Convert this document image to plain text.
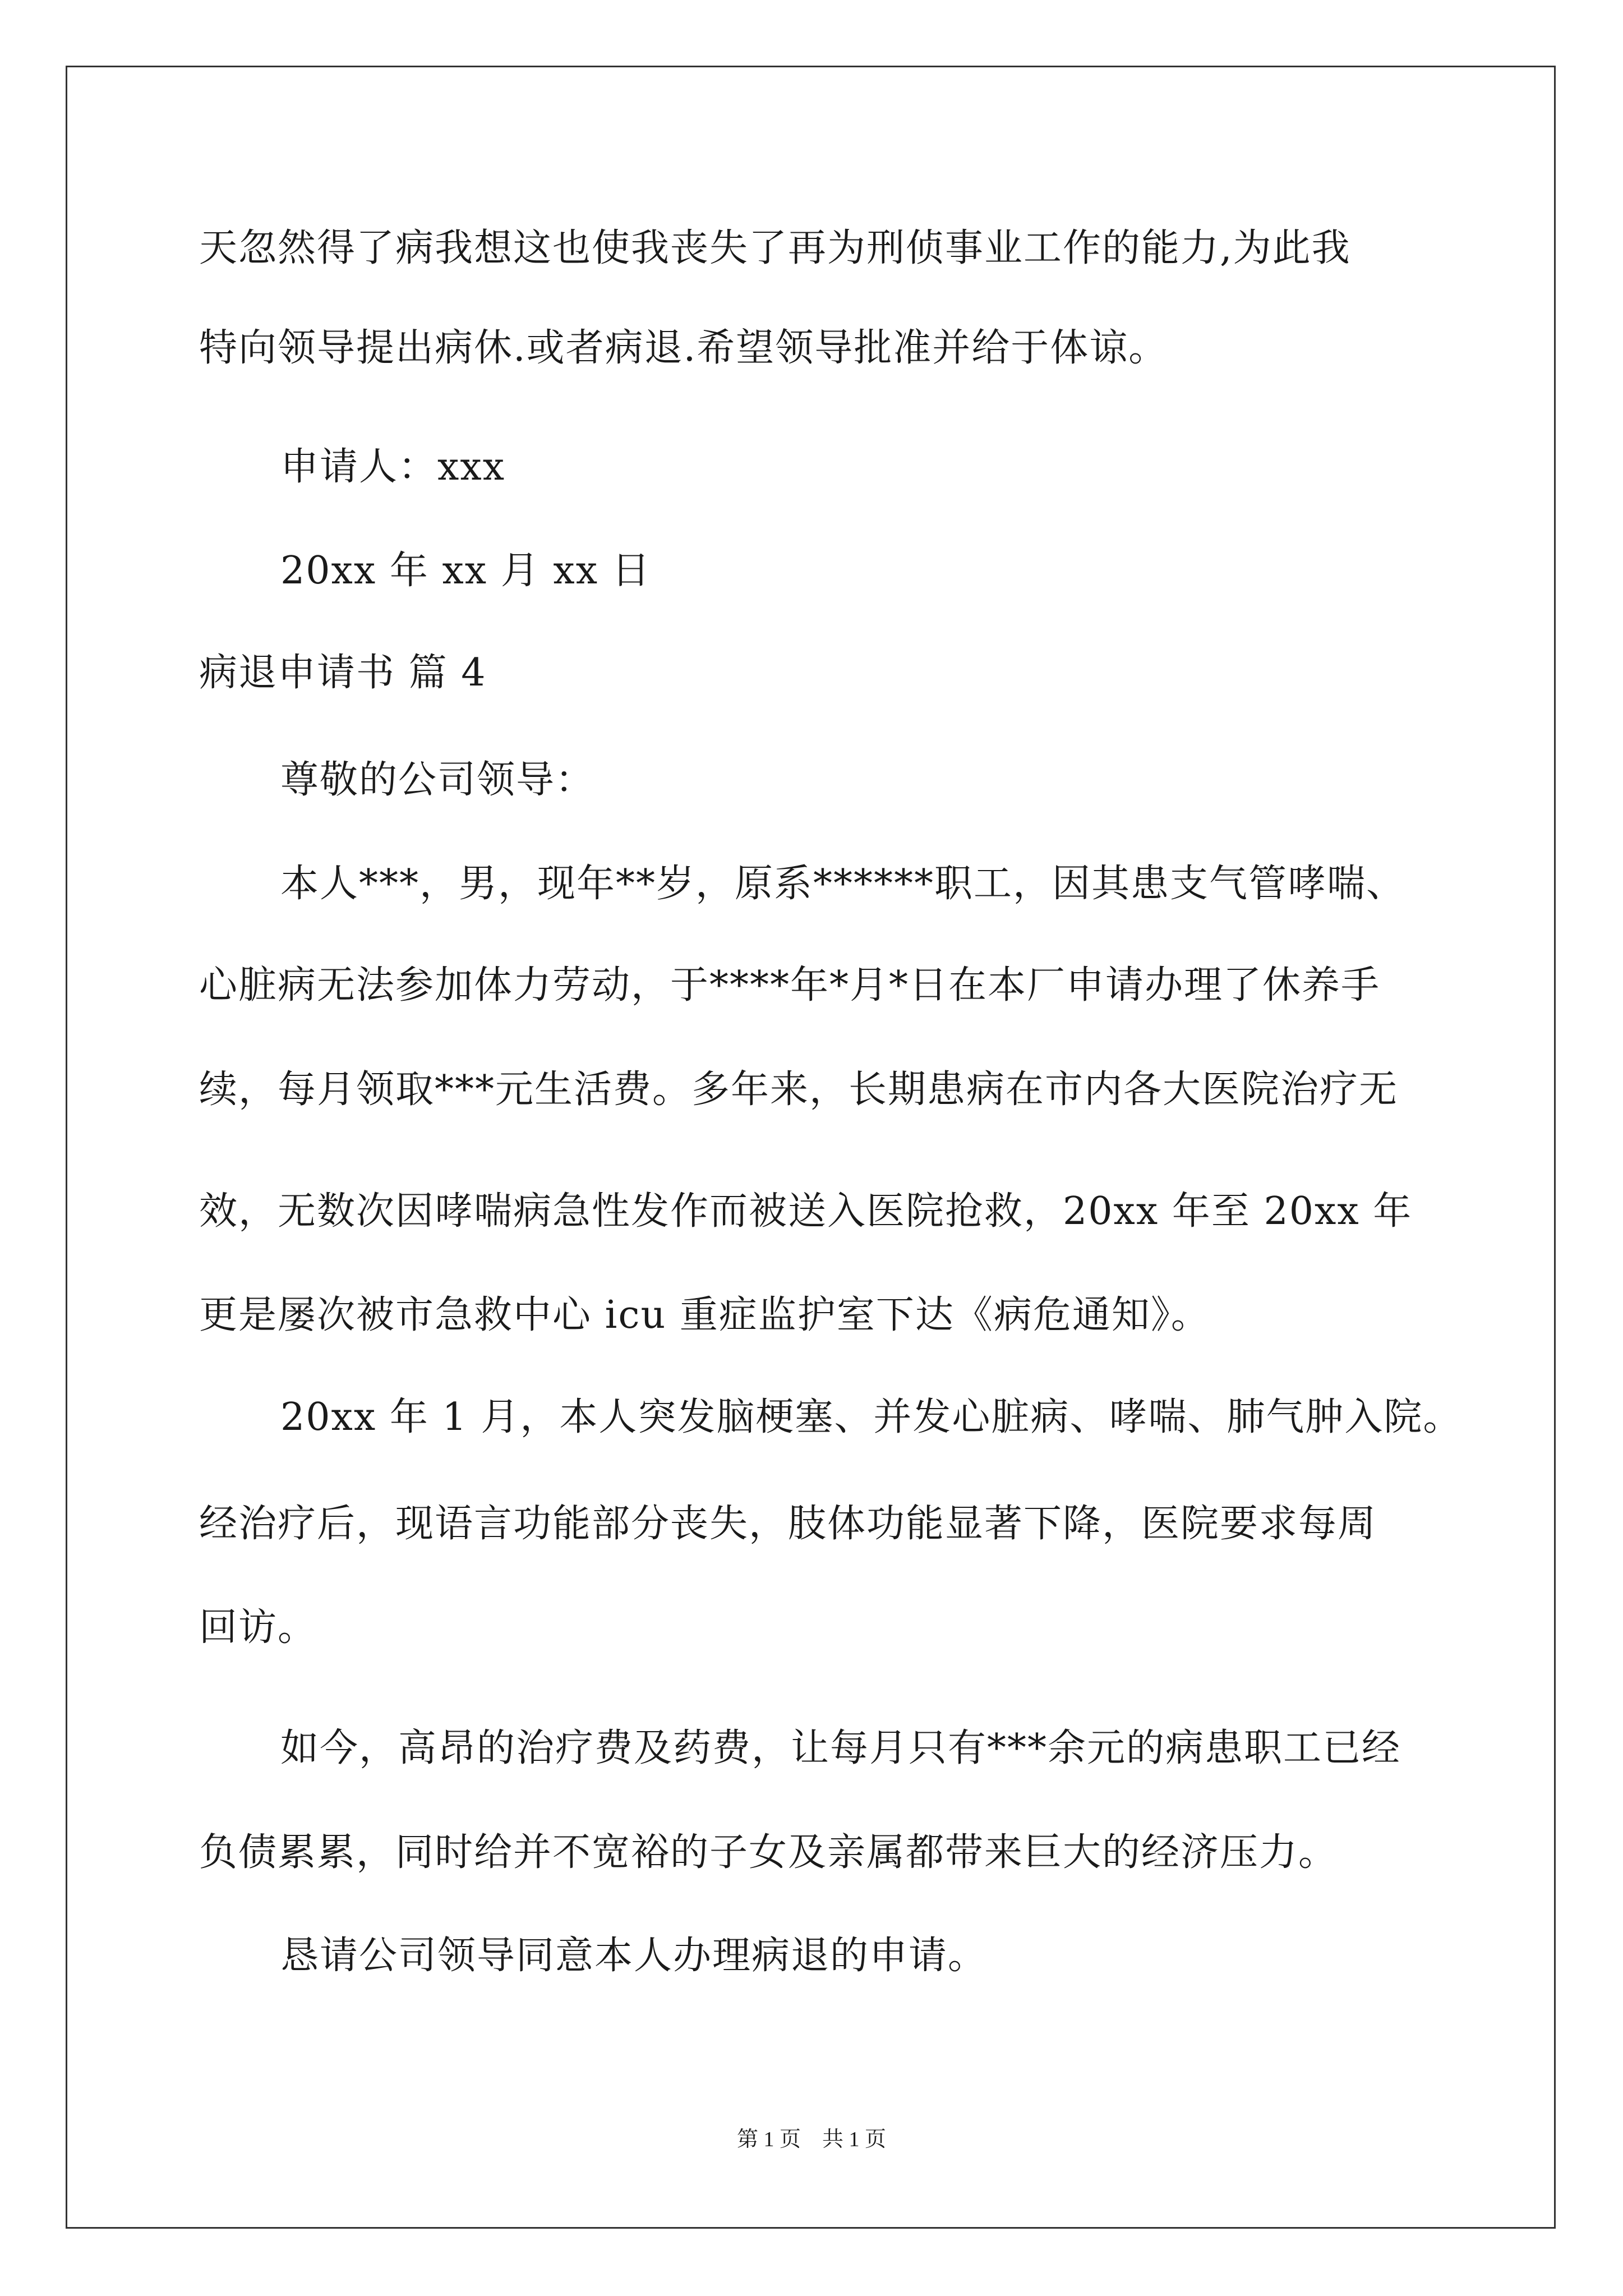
天忽然得了病我想这也使我丧失了再为刑侦事业工作的能力,为此我
特向领导提出病休.或者病退.希望领导批准并给于体谅。
申请人：xxx
20xx 年 xx 月 xx 日
病退申请书 篇 4
尊敬的公司领导：
本人***，男，现年**岁，原系******职工，因其患支气管哮喘、
心脏病无法参加体力劳动，于****年*月*日在本厂申请办理了休养手
续，每月领取***元生活费。多年来，长期患病在市内各大医院治疗无
效，无数次因哮喘病急性发作而被送入医院抢救，20xx 年至 20xx 年
更是屡次被市急救中心 icu 重症监护室下达《病危通知》。
20xx 年 1 月，本人突发脑梗塞、并发心脏病、哮喘、肺气肿入院。
经治疗后，现语言功能部分丧失，肢体功能显著下降，医院要求每周
回访。
如今，高昂的治疗费及药费，让每月只有***余元的病患职工已经
负债累累，同时给并不宽裕的子女及亲属都带来巨大的经济压力。
恳请公司领导同意本人办理病退的申请。
第 1 页    共 1 页
